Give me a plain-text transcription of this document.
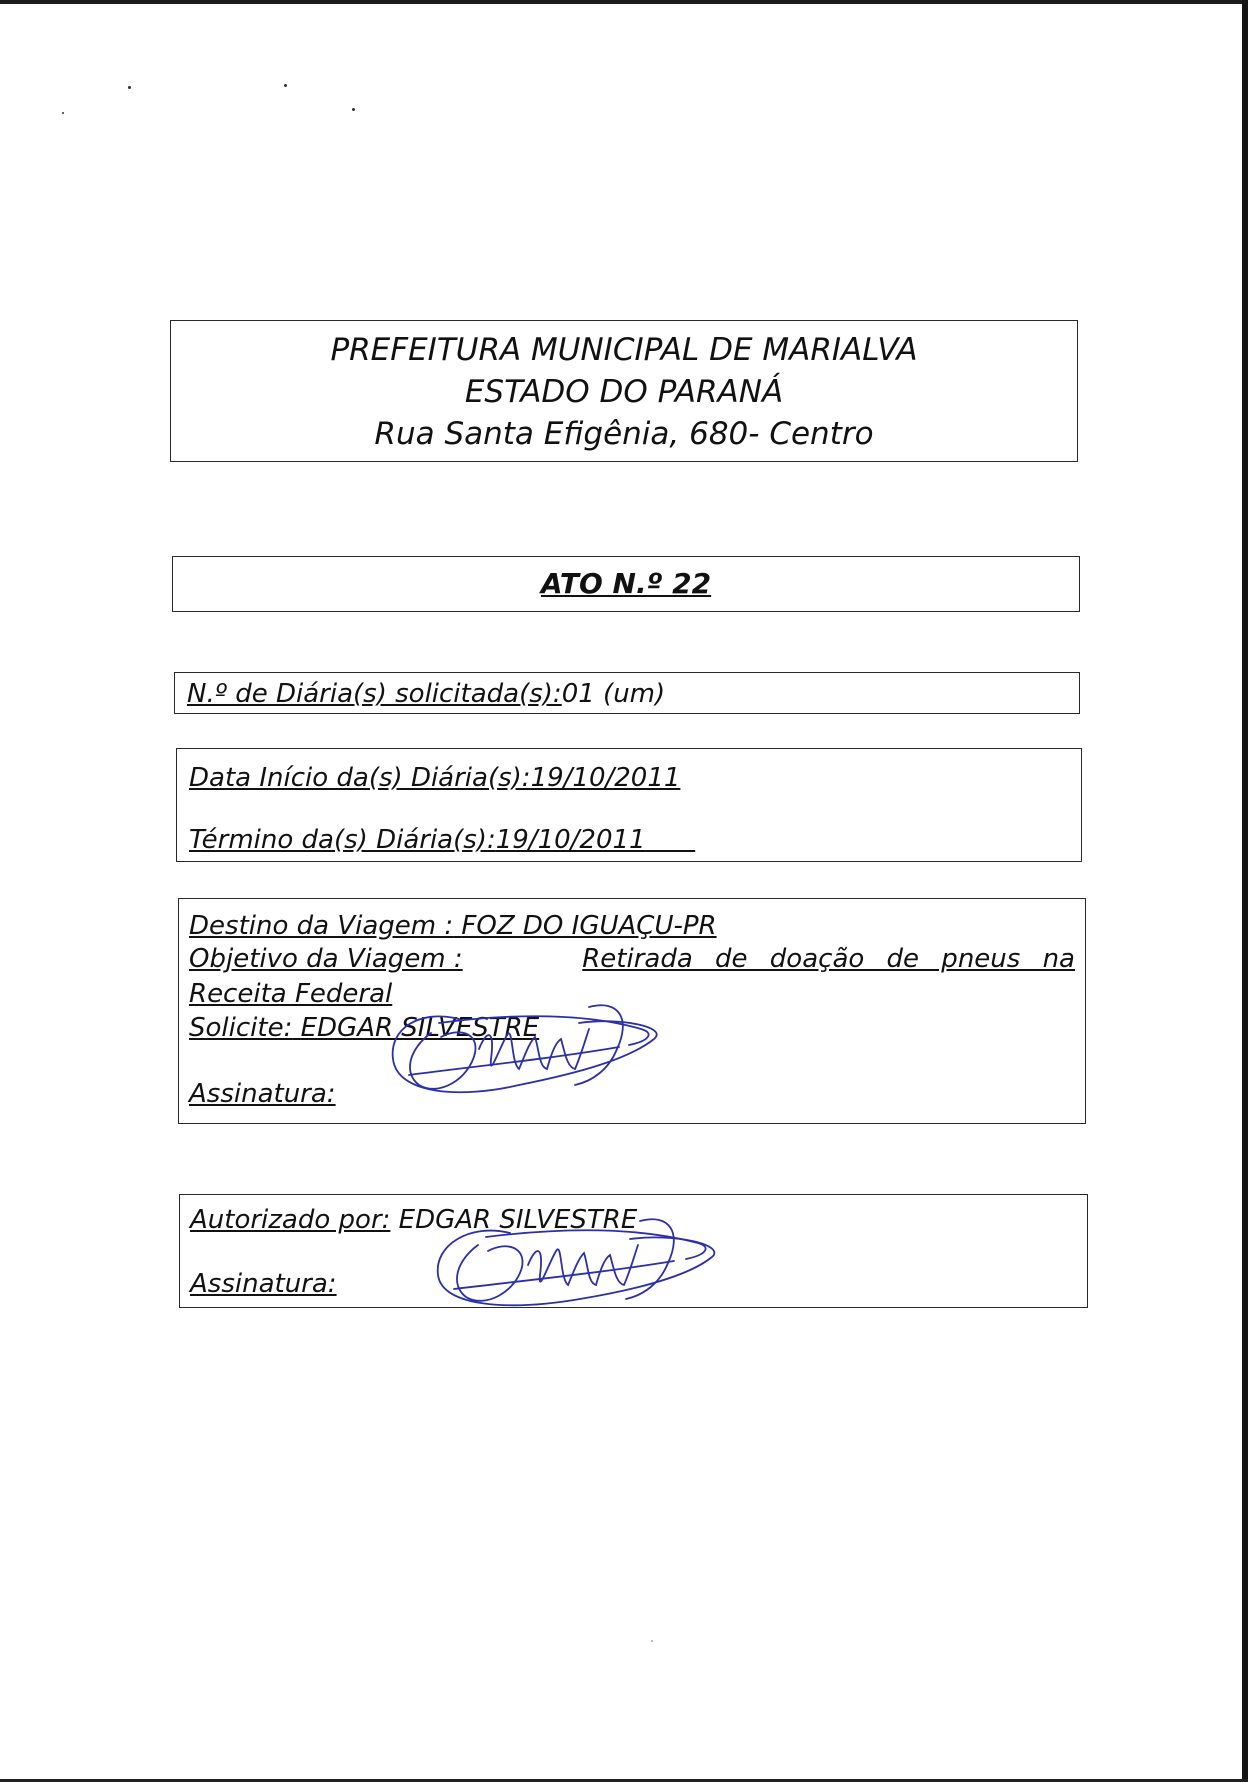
PREFEITURA MUNICIPAL DE MARIALVA
ESTADO DO PARANÁ
Rua Santa Efigênia, 680- Centro
ATO N.º 22
N.º de Diária(s) solicitada(s):01 (um)
Data Início da(s) Diária(s):19/10/2011
Término da(s) Diária(s):19/10/2011
Destino da Viagem : FOZ DO IGUAÇU-PR
Objetivo da Viagem :	Retirada de doação de pneus na
Receita Federal
Solicite: EDGAR SILVESTRE
Assinatura:
Autorizado por: EDGAR SILVESTRE
Assinatura:
